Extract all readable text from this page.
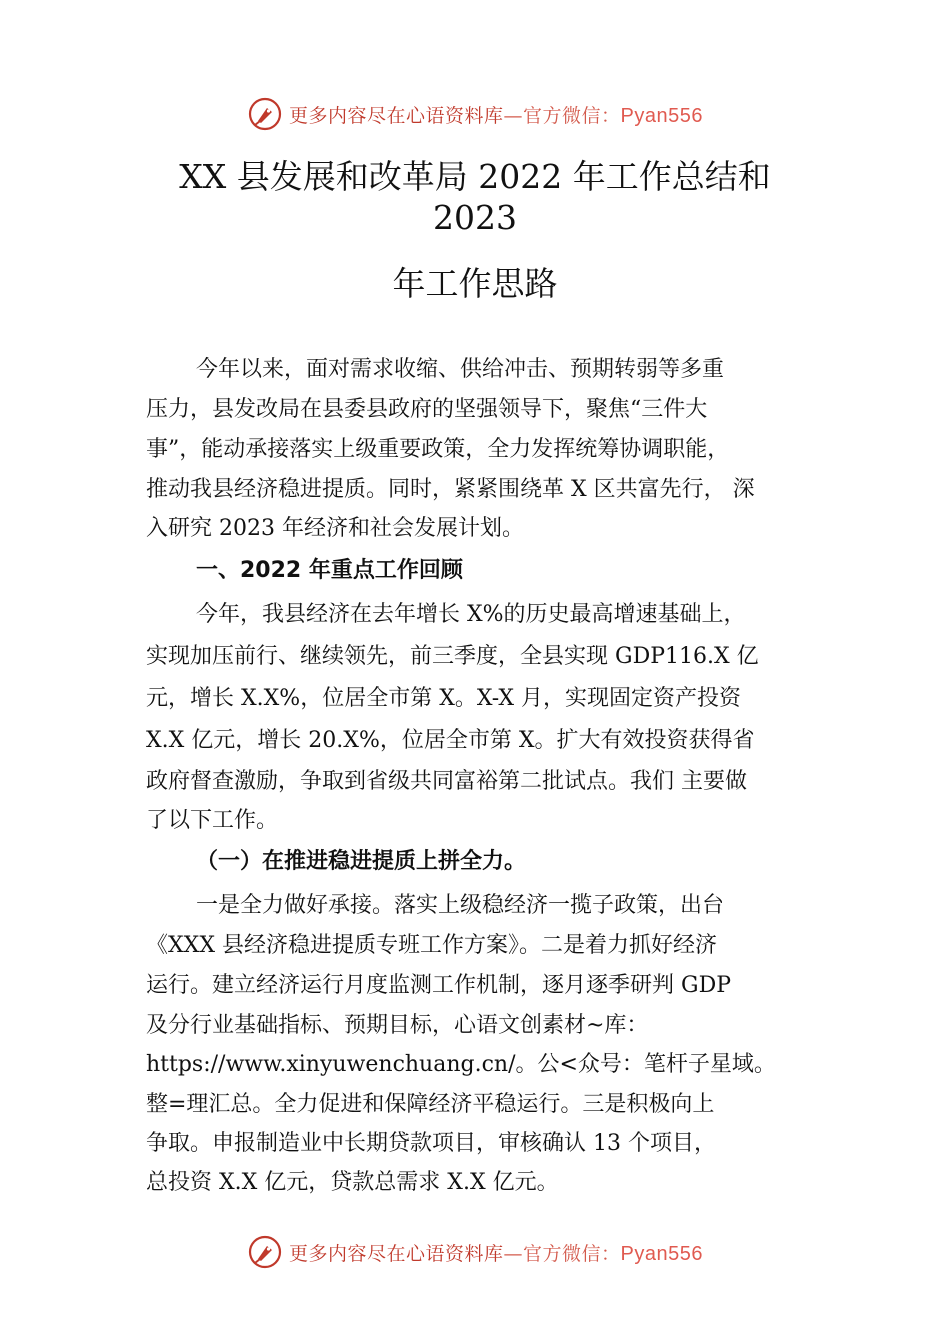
更多内容尽在心语资料库—官方微信：Pyan556
XX 县发展和改革局 2022 年工作总结和
2023
年工作思路
今年以来，面对需求收缩、供给冲击、预期转弱等多重
压力，县发改局在县委县政府的坚强领导下，聚焦“三件大
事”，能动承接落实上级重要政策，全力发挥统筹协调职能，
推动我县经济稳进提质。同时，紧紧围绕革 X 区共富先行， 深
入研究 2023 年经济和社会发展计划。
一、2022 年重点工作回顾
今年，我县经济在去年增长 X%的历史最高增速基础上，
实现加压前行、继续领先，前三季度，全县实现 GDP116.X 亿
元，增长 X.X%，位居全市第 X。X-X 月，实现固定资产投资
X.X 亿元，增长 20.X%，位居全市第 X。扩大有效投资获得省
政府督查激励，争取到省级共同富裕第二批试点。我们 主要做
了以下工作。
（一）在推进稳进提质上拼全力。
一是全力做好承接。落实上级稳经济一揽子政策，出台
《XXX 县经济稳进提质专班工作方案》。二是着力抓好经济
运行。建立经济运行月度监测工作机制，逐月逐季研判 GDP
及分行业基础指标、预期目标，心语文创素材~库：
https://www.xinyuwenchuang.cn/。公<众号：笔杆子星域。
整=理汇总。全力促进和保障经济平稳运行。三是积极向上
争取。申报制造业中长期贷款项目，审核确认 13 个项目，
总投资 X.X 亿元，贷款总需求 X.X 亿元。
更多内容尽在心语资料库—官方微信：Pyan556
